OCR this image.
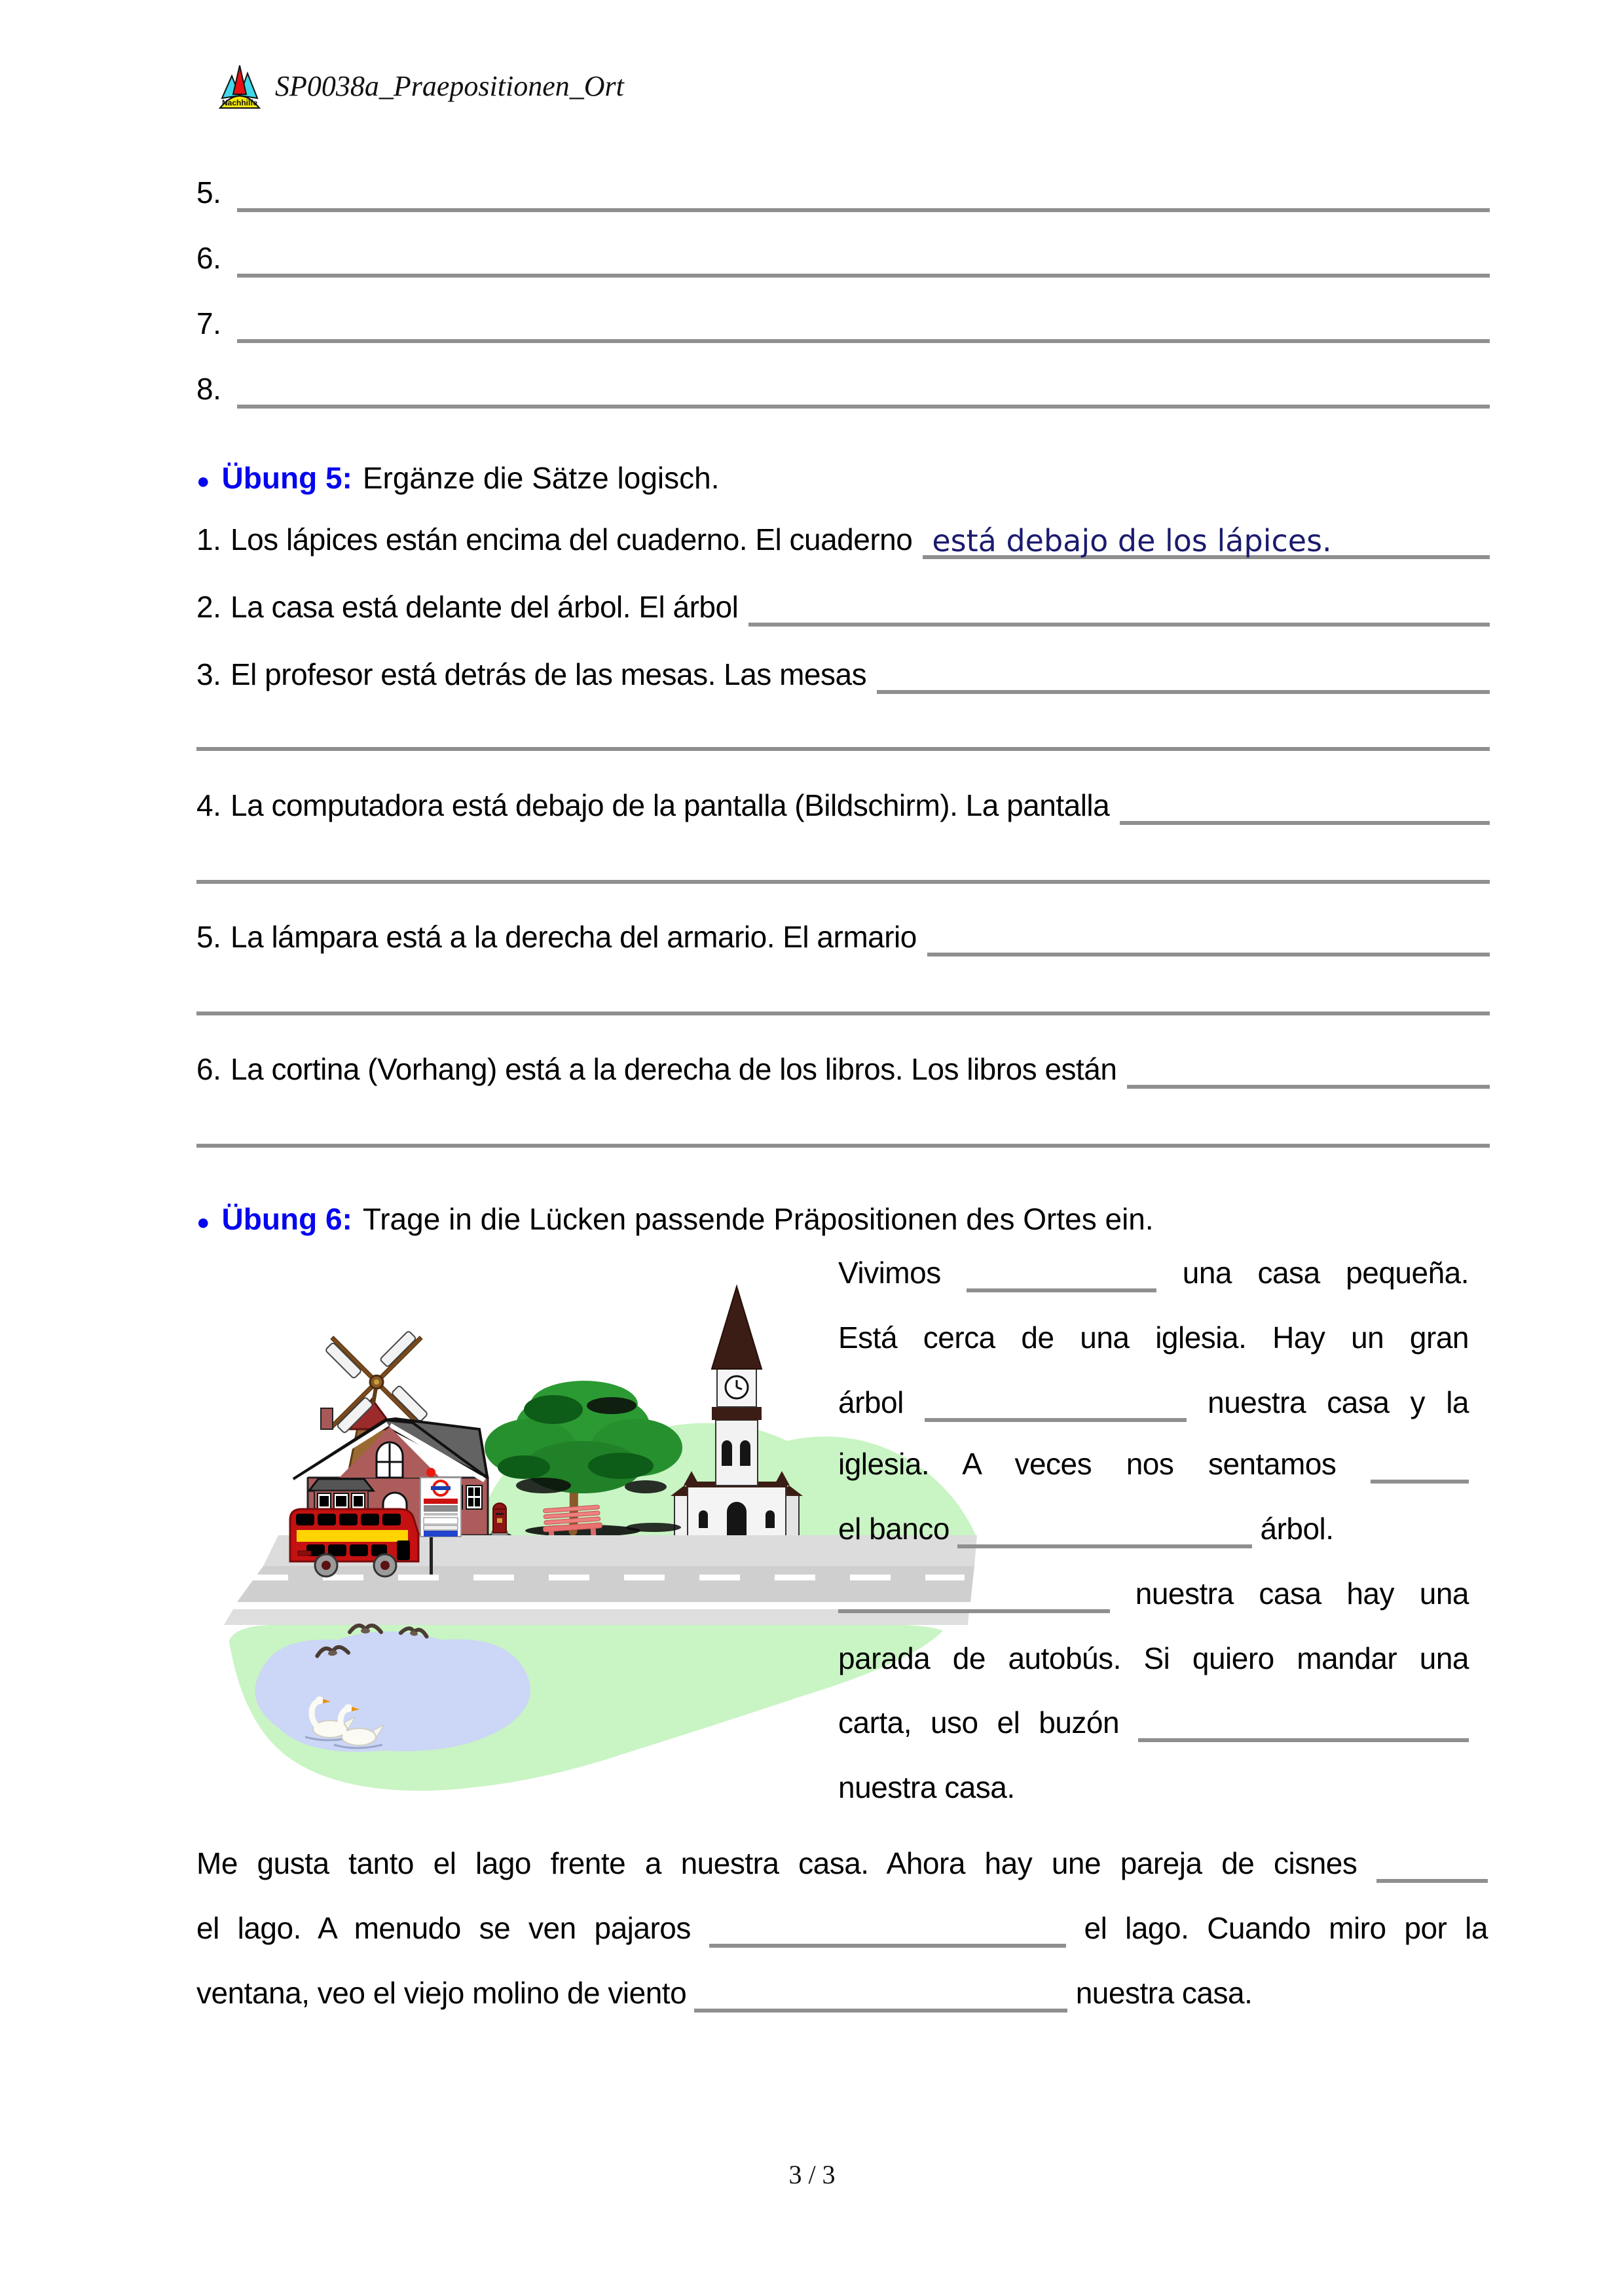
Nachhilfe
SP0038a_Praepositionen_Ort
5.
6.
7.
8.
● Übung 5: Ergänze die Sätze logisch.
1. Los lápices están encima del cuaderno. El cuaderno está debajo de los lápices.
2. La casa está delante del árbol. El árbol
3. El profesor está detrás de las mesas. Las mesas
4. La computadora está debajo de la pantalla (Bildschirm). La pantalla
5. La lámpara está a la derecha del armario. El armario
6. La cortina (Vorhang) está a la derecha de los libros. Los libros están
● Übung 6: Trage in die Lücken passende Präpositionen des Ortes ein.
Vivimos	una casa pequeña.
Está cerca de una iglesia. Hay un gran
árbol	nuestra casa y la
iglesia. A veces nos sentamos
el banco	árbol.
nuestra casa hay una
parada de autobús. Si quiero mandar una
carta, uso el buzón
nuestra casa.
Me gusta tanto el lago frente a nuestra casa. Ahora hay une pareja de cisnes
el lago. A menudo se ven pajaros	el lago. Cuando miro por la
ventana, veo el viejo molino de viento	nuestra casa.
3 / 3
